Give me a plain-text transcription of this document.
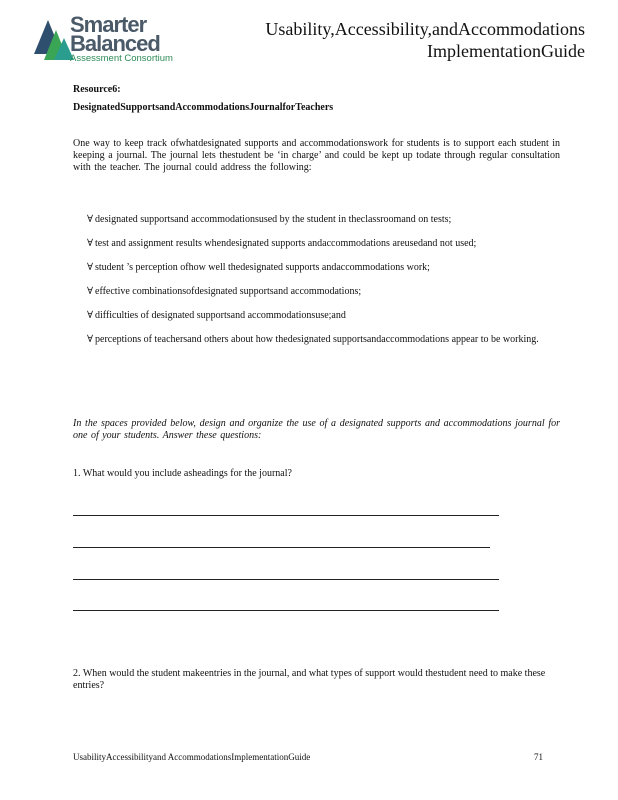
Smarter
Balanced
Assessment Consortium
Usability,Accessibility,andAccommodations
ImplementationGuide
Resource6:
DesignatedSupportsandAccommodationsJournalforTeachers
One way to keep track ofwhatdesignated supports and accommodationswork for students is to support each student in keeping a journal. The journal lets thestudent be ‘in charge’ and could be kept up todate through regular consultation with the teacher. The journal could address the following:
∀ designated supportsand accommodationsused by the student in theclassroomand on tests;
∀ test and assignment results whendesignated supports andaccommodations areusedand not used;
∀ student ’s perception ofhow well thedesignated supports andaccommodations work;
∀ effective combinationsofdesignated supportsand accommodations;
∀ difficulties of designated supportsand accommodationsuse;and
∀ perceptions of teachersand others about how thedesignated supportsandaccommodations appear to be working.
In the spaces provided below, design and organize the use of a designated supports and accommodations journal for one of your students. Answer these questions:
1. What would you include asheadings for the journal?
2. When would the student makeentries in the journal, and what types of support would thestudent need to make these entries?
UsabilityAccessibilityand AccommodationsImplementationGuide	71
